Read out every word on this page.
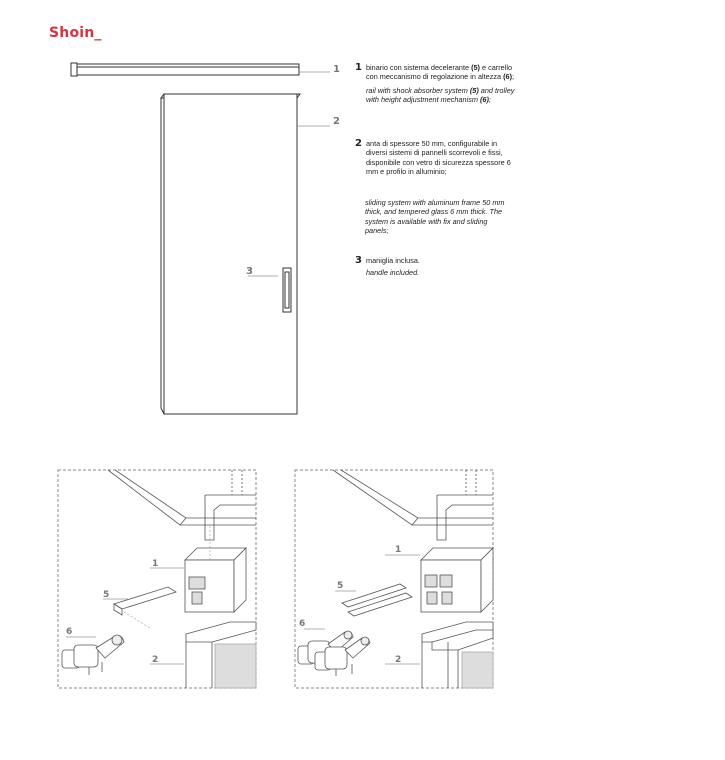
Shoin_
1
2
3
1 binario con sistema decelerante (5) e carrello con meccanismo di regolazione in altezza (6);
rail with shock absorber system (5) and trolley with height adjustment mechanism (6);
2 anta di spessore 50 mm, configurabile in diversi sistemi di pannelli scorrevoli e fissi, disponibile con vetro di sicurezza spessore 6 mm e profilo in alluminio;
sliding system with aluminum frame 50 mm thick, and tempered glass 6 mm thick. The system is available with fix and sliding panels;
3 maniglia inclusa.
handle included.
1
5
6
2
1
5
6
2
